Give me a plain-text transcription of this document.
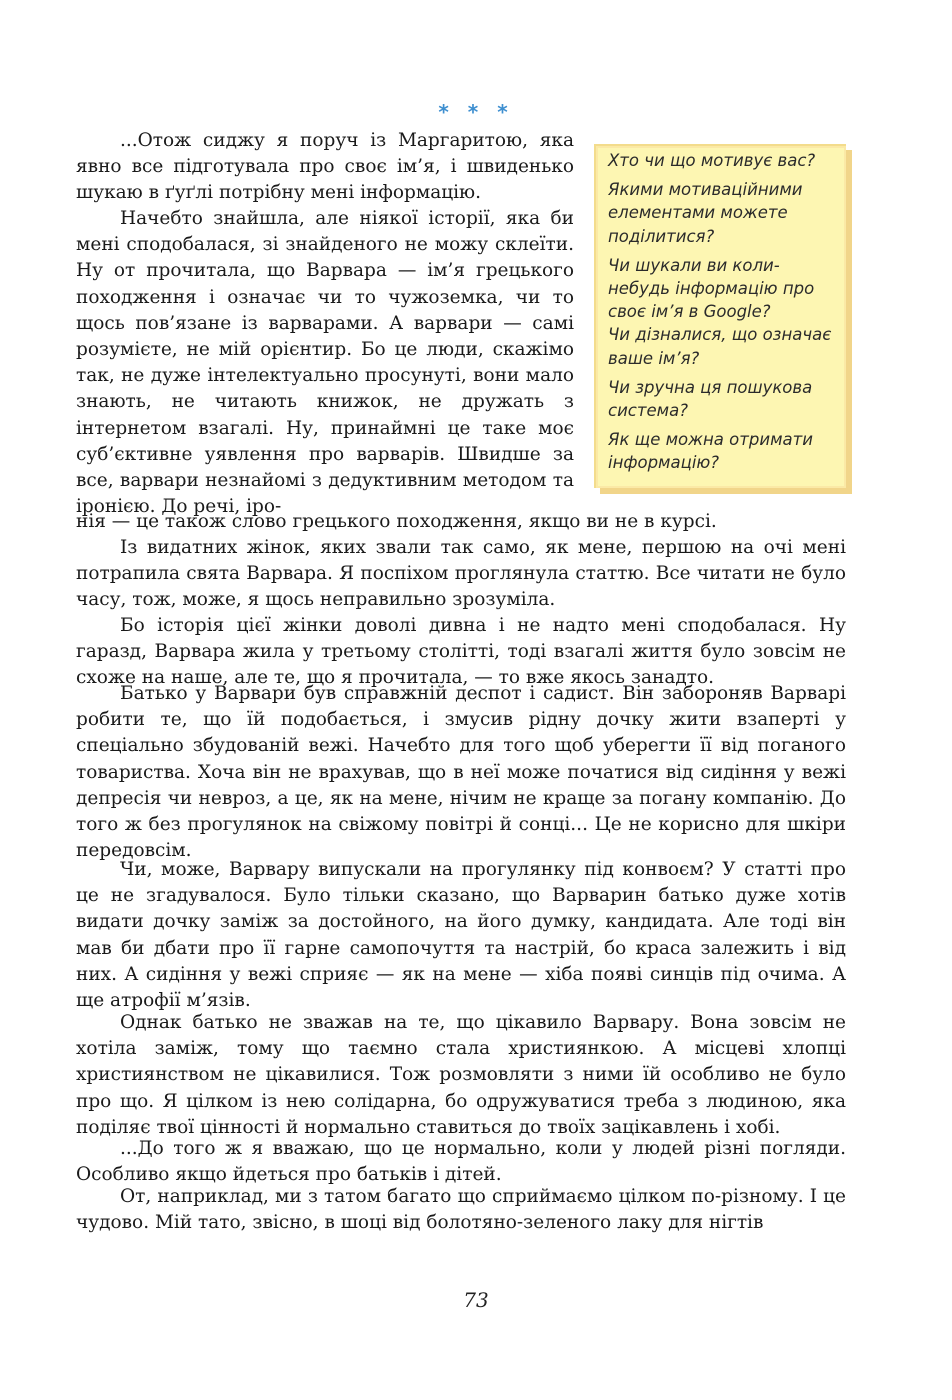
* * *

Хто чи що мотивує вас?

Якими мотиваційними елементами можете поділитися?

Чи шукали ви коли-небудь інформацію про своє ім’я в Google?

Чи дізналися, що означає ваше ім’я?

Чи зручна ця пошукова система?

Як ще можна отримати інформацію?

...Отож сиджу я поруч із Маргаритою, яка явно все підготувала про своє ім’я, і швиденько шукаю в ґуґлі потрібну мені інформацію.

Начебто знайшла, але ніякої історії, яка би мені сподобалася, зі знайденого не можу склеїти. Ну от прочитала, що Варвара — ім’я грецького походження і означає чи то чужоземка, чи то щось пов’язане із варварами. А варвари — самі розумієте, не мій орієнтир. Бо це люди, скажімо так, не дуже інтелектуально просунуті, вони мало знають, не читають книжок, не дружать з інтернетом взагалі. Ну, принаймні це таке моє суб’єктивне уявлення про варварів. Швидше за все, варвари незнайомі з дедуктивним методом та іронією. До речі, іро-

нія — це також слово грецького походження, якщо ви не в курсі.

Із видатних жінок, яких звали так само, як мене, першою на очі мені потрапила свята Варвара. Я поспіхом проглянула статтю. Все читати не було часу, тож, може, я щось неправильно зрозуміла.

Бо історія цієї жінки доволі дивна і не надто мені сподобалася. Ну гаразд, Варвара жила у третьому столітті, тоді взагалі життя було зовсім не схоже на наше, але те, що я прочитала, — то вже якось занадто.

Батько у Варвари був справжній деспот і садист. Він забороняв Варварі робити те, що їй подобається, і змусив рідну дочку жити взаперті у спеціально збудованій вежі. Начебто для того щоб уберегти її від поганого товариства. Хоча він не врахував, що в неї може початися від сидіння у вежі депресія чи невроз, а це, як на мене, нічим не краще за погану компанію. До того ж без прогулянок на свіжому повітрі й сонці... Це не корисно для шкіри передовсім.

Чи, може, Варвару випускали на прогулянку під конвоєм? У статті про це не згадувалося. Було тільки сказано, що Варварин батько дуже хотів видати дочку заміж за достойного, на його думку, кандидата. Але тоді він мав би дбати про її гарне самопочуття та настрій, бо краса залежить і від них. А сидіння у вежі сприяє — як на мене — хіба появі синців під очима. А ще атрофії м’язів.

Однак батько не зважав на те, що цікавило Варвару. Вона зовсім не хотіла заміж, тому що таємно стала християнкою. А місцеві хлопці християнством не цікавилися. Тож розмовляти з ними їй особливо не було про що. Я цілком із нею солідарна, бо одружуватися треба з людиною, яка поділяє твої цінності й нормально ставиться до твоїх зацікавлень і хобі.

...До того ж я вважаю, що це нормально, коли у людей різні погляди. Особливо якщо йдеться про батьків і дітей.

От, наприклад, ми з татом багато що сприймаємо цілком по-різному. І це чудово. Мій тато, звісно, в шоці від болотяно-зеленого лаку для нігтів

73
